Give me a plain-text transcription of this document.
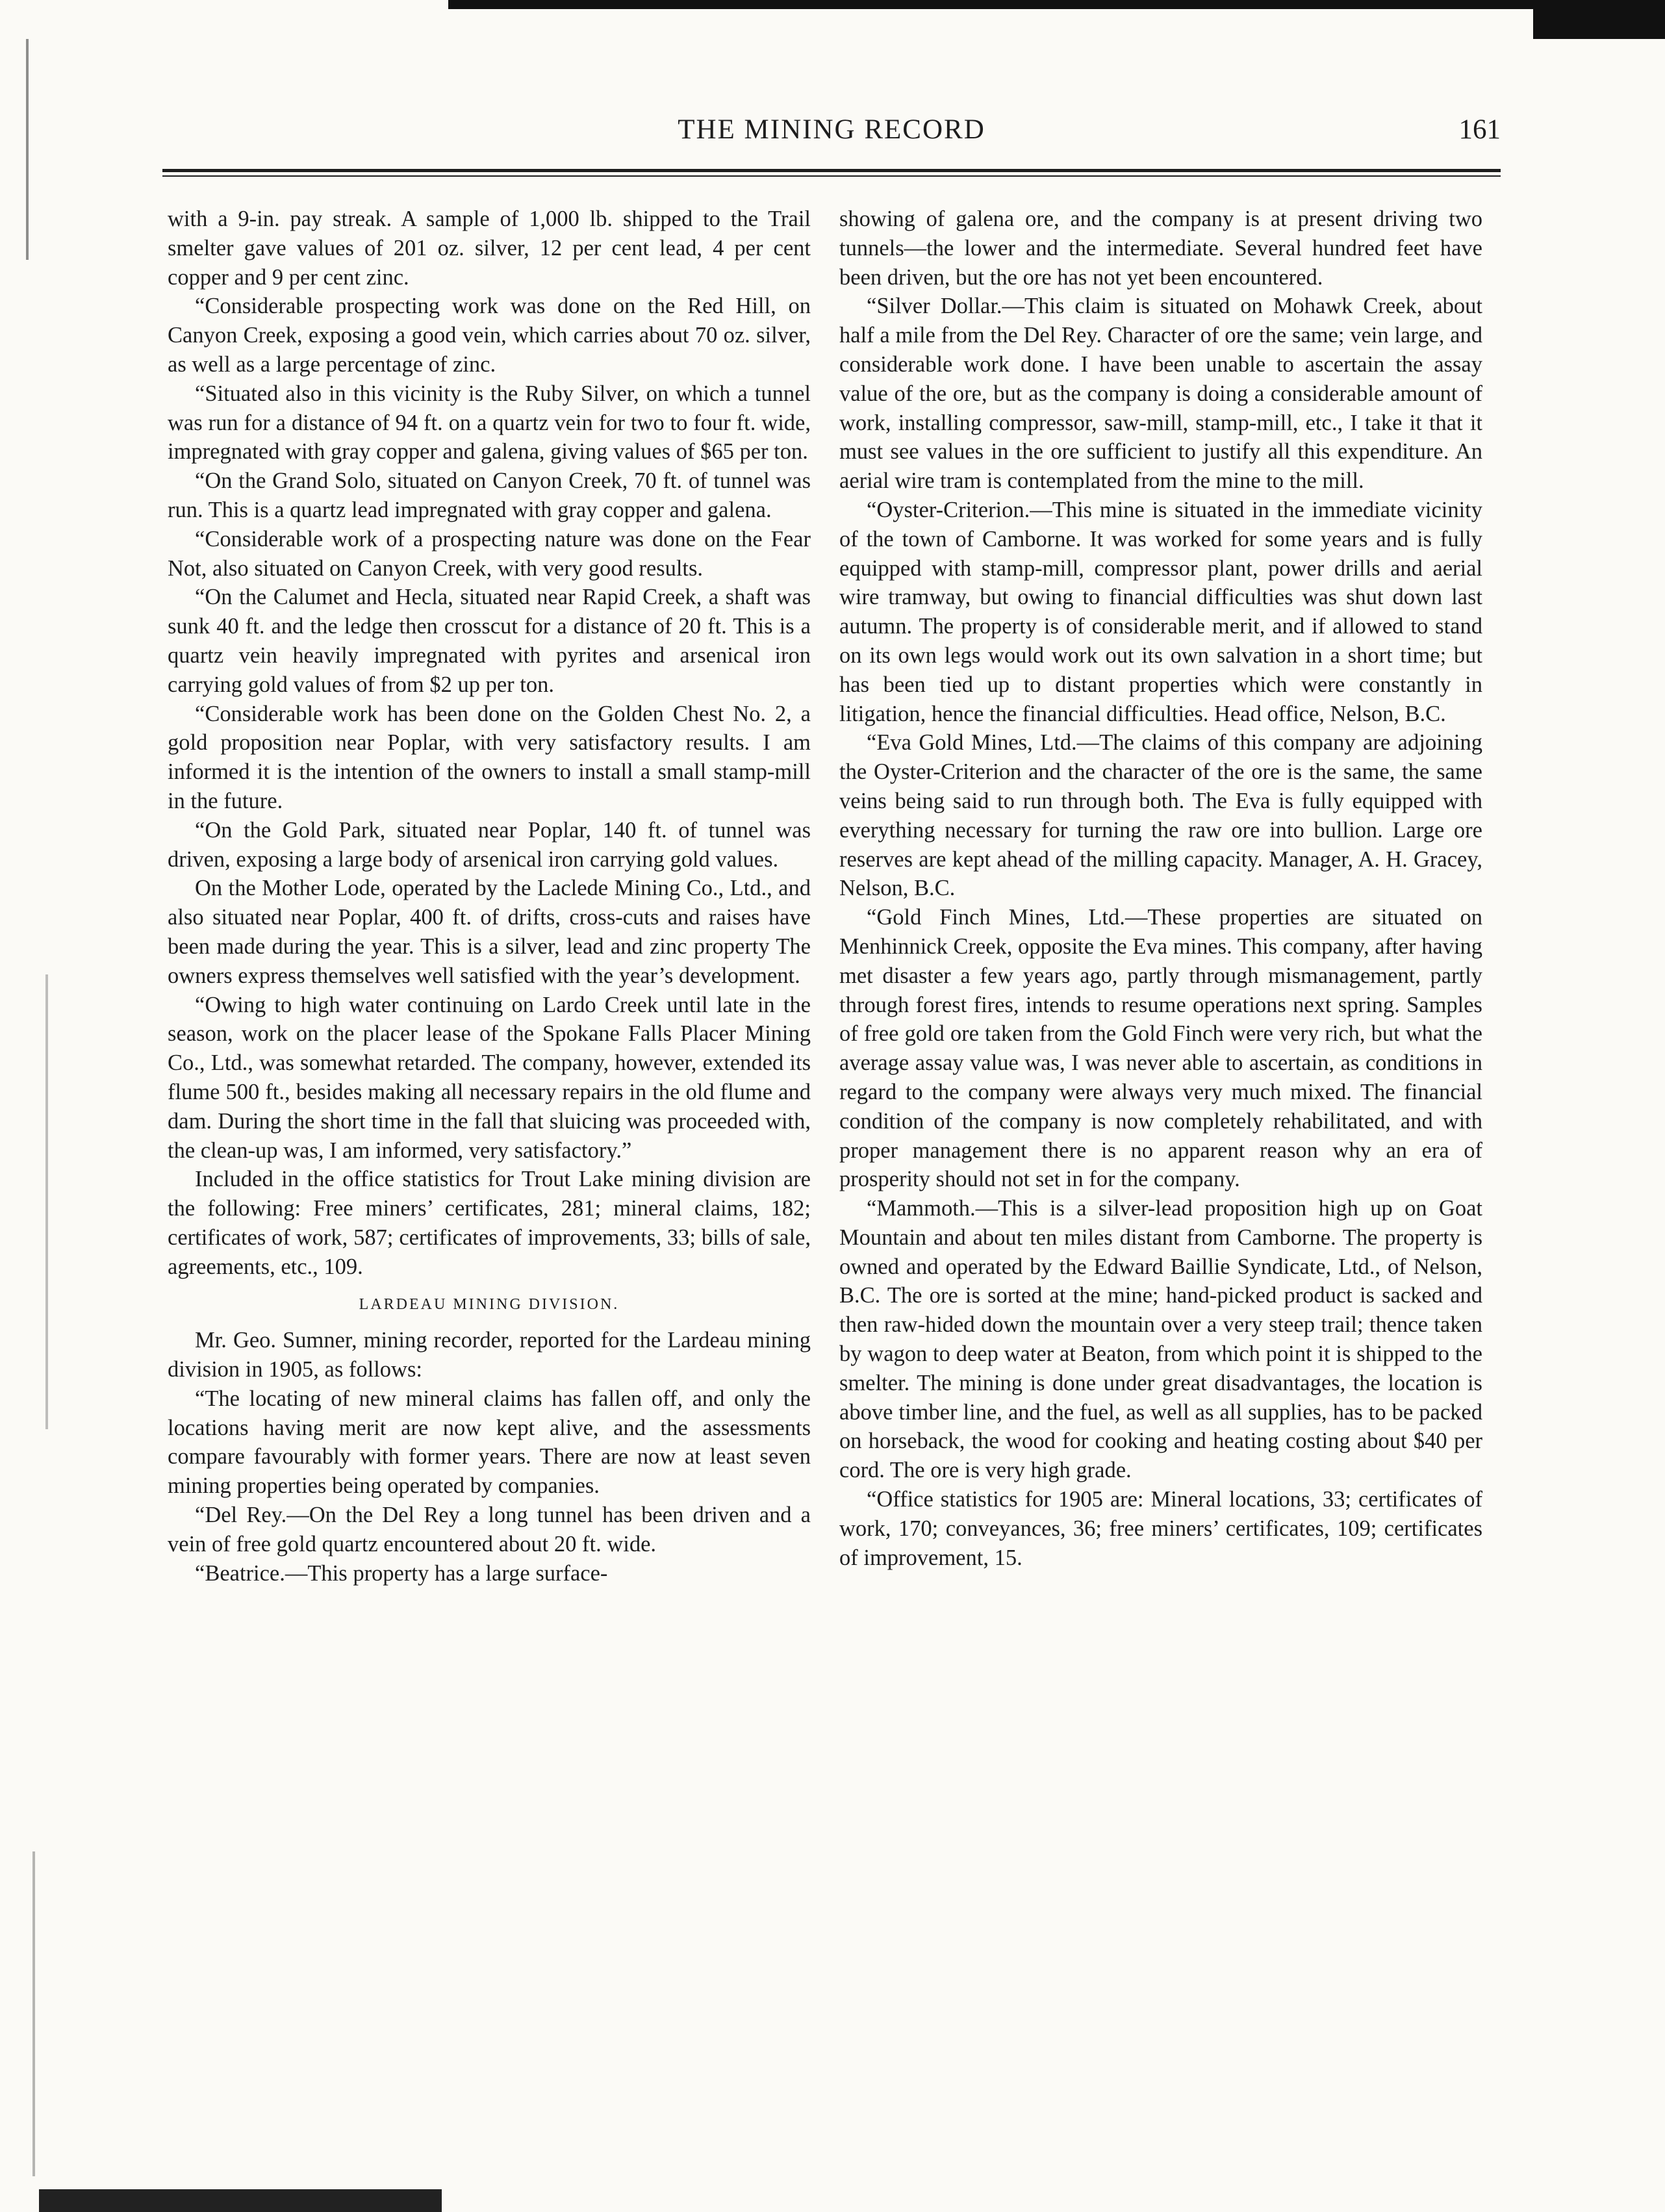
THE MINING RECORD	161

with a 9-in. pay streak. A sample of 1,000 lb. shipped to the Trail smelter gave values of 201 oz. silver, 12 per cent lead, 4 per cent copper and 9 per cent zinc.

“Considerable prospecting work was done on the Red Hill, on Canyon Creek, exposing a good vein, which carries about 70 oz. silver, as well as a large percentage of zinc.

“Situated also in this vicinity is the Ruby Silver, on which a tunnel was run for a distance of 94 ft. on a quartz vein for two to four ft. wide, impregnated with gray copper and galena, giving values of $65 per ton.

“On the Grand Solo, situated on Canyon Creek, 70 ft. of tunnel was run. This is a quartz lead impregnated with gray copper and galena.

“Considerable work of a prospecting nature was done on the Fear Not, also situated on Canyon Creek, with very good results.

“On the Calumet and Hecla, situated near Rapid Creek, a shaft was sunk 40 ft. and the ledge then crosscut for a distance of 20 ft. This is a quartz vein heavily impregnated with pyrites and arsenical iron carrying gold values of from $2 up per ton.

“Considerable work has been done on the Golden Chest No. 2, a gold proposition near Poplar, with very satisfactory results. I am informed it is the intention of the owners to install a small stamp-mill in the future.

“On the Gold Park, situated near Poplar, 140 ft. of tunnel was driven, exposing a large body of arsenical iron carrying gold values.

On the Mother Lode, operated by the Laclede Mining Co., Ltd., and also situated near Poplar, 400 ft. of drifts, cross-cuts and raises have been made during the year. This is a silver, lead and zinc property The owners express themselves well satisfied with the year’s development.

“Owing to high water continuing on Lardo Creek until late in the season, work on the placer lease of the Spokane Falls Placer Mining Co., Ltd., was somewhat retarded. The company, however, extended its flume 500 ft., besides making all necessary repairs in the old flume and dam. During the short time in the fall that sluicing was proceeded with, the clean-up was, I am informed, very satisfactory.”

Included in the office statistics for Trout Lake mining division are the following: Free miners’ certificates, 281; mineral claims, 182; certificates of work, 587; certificates of improvements, 33; bills of sale, agreements, etc., 109.

LARDEAU MINING DIVISION.

Mr. Geo. Sumner, mining recorder, reported for the Lardeau mining division in 1905, as follows:

“The locating of new mineral claims has fallen off, and only the locations having merit are now kept alive, and the assessments compare favourably with former years. There are now at least seven mining properties being operated by companies.

“Del Rey.—On the Del Rey a long tunnel has been driven and a vein of free gold quartz encountered about 20 ft. wide.

“Beatrice.—This property has a large surface-

showing of galena ore, and the company is at present driving two tunnels—the lower and the intermediate. Several hundred feet have been driven, but the ore has not yet been encountered.

“Silver Dollar.—This claim is situated on Mohawk Creek, about half a mile from the Del Rey. Character of ore the same; vein large, and considerable work done. I have been unable to ascertain the assay value of the ore, but as the company is doing a considerable amount of work, installing compressor, saw-mill, stamp-mill, etc., I take it that it must see values in the ore sufficient to justify all this expenditure. An aerial wire tram is contemplated from the mine to the mill.

“Oyster-Criterion.—This mine is situated in the immediate vicinity of the town of Camborne. It was worked for some years and is fully equipped with stamp-mill, compressor plant, power drills and aerial wire tramway, but owing to financial difficulties was shut down last autumn. The property is of considerable merit, and if allowed to stand on its own legs would work out its own salvation in a short time; but has been tied up to distant properties which were constantly in litigation, hence the financial difficulties. Head office, Nelson, B.C.

“Eva Gold Mines, Ltd.—The claims of this company are adjoining the Oyster-Criterion and the character of the ore is the same, the same veins being said to run through both. The Eva is fully equipped with everything necessary for turning the raw ore into bullion. Large ore reserves are kept ahead of the milling capacity. Manager, A. H. Gracey, Nelson, B.C.

“Gold Finch Mines, Ltd.—These properties are situated on Menhinnick Creek, opposite the Eva mines. This company, after having met disaster a few years ago, partly through mismanagement, partly through forest fires, intends to resume operations next spring. Samples of free gold ore taken from the Gold Finch were very rich, but what the average assay value was, I was never able to ascertain, as conditions in regard to the company were always very much mixed. The financial condition of the company is now completely rehabilitated, and with proper management there is no apparent reason why an era of prosperity should not set in for the company.

“Mammoth.—This is a silver-lead proposition high up on Goat Mountain and about ten miles distant from Camborne. The property is owned and operated by the Edward Baillie Syndicate, Ltd., of Nelson, B.C. The ore is sorted at the mine; hand-picked product is sacked and then raw-hided down the mountain over a very steep trail; thence taken by wagon to deep water at Beaton, from which point it is shipped to the smelter. The mining is done under great disadvantages, the location is above timber line, and the fuel, as well as all supplies, has to be packed on horseback, the wood for cooking and heating costing about $40 per cord. The ore is very high grade.

“Office statistics for 1905 are: Mineral locations, 33; certificates of work, 170; conveyances, 36; free miners’ certificates, 109; certificates of improvement, 15.
